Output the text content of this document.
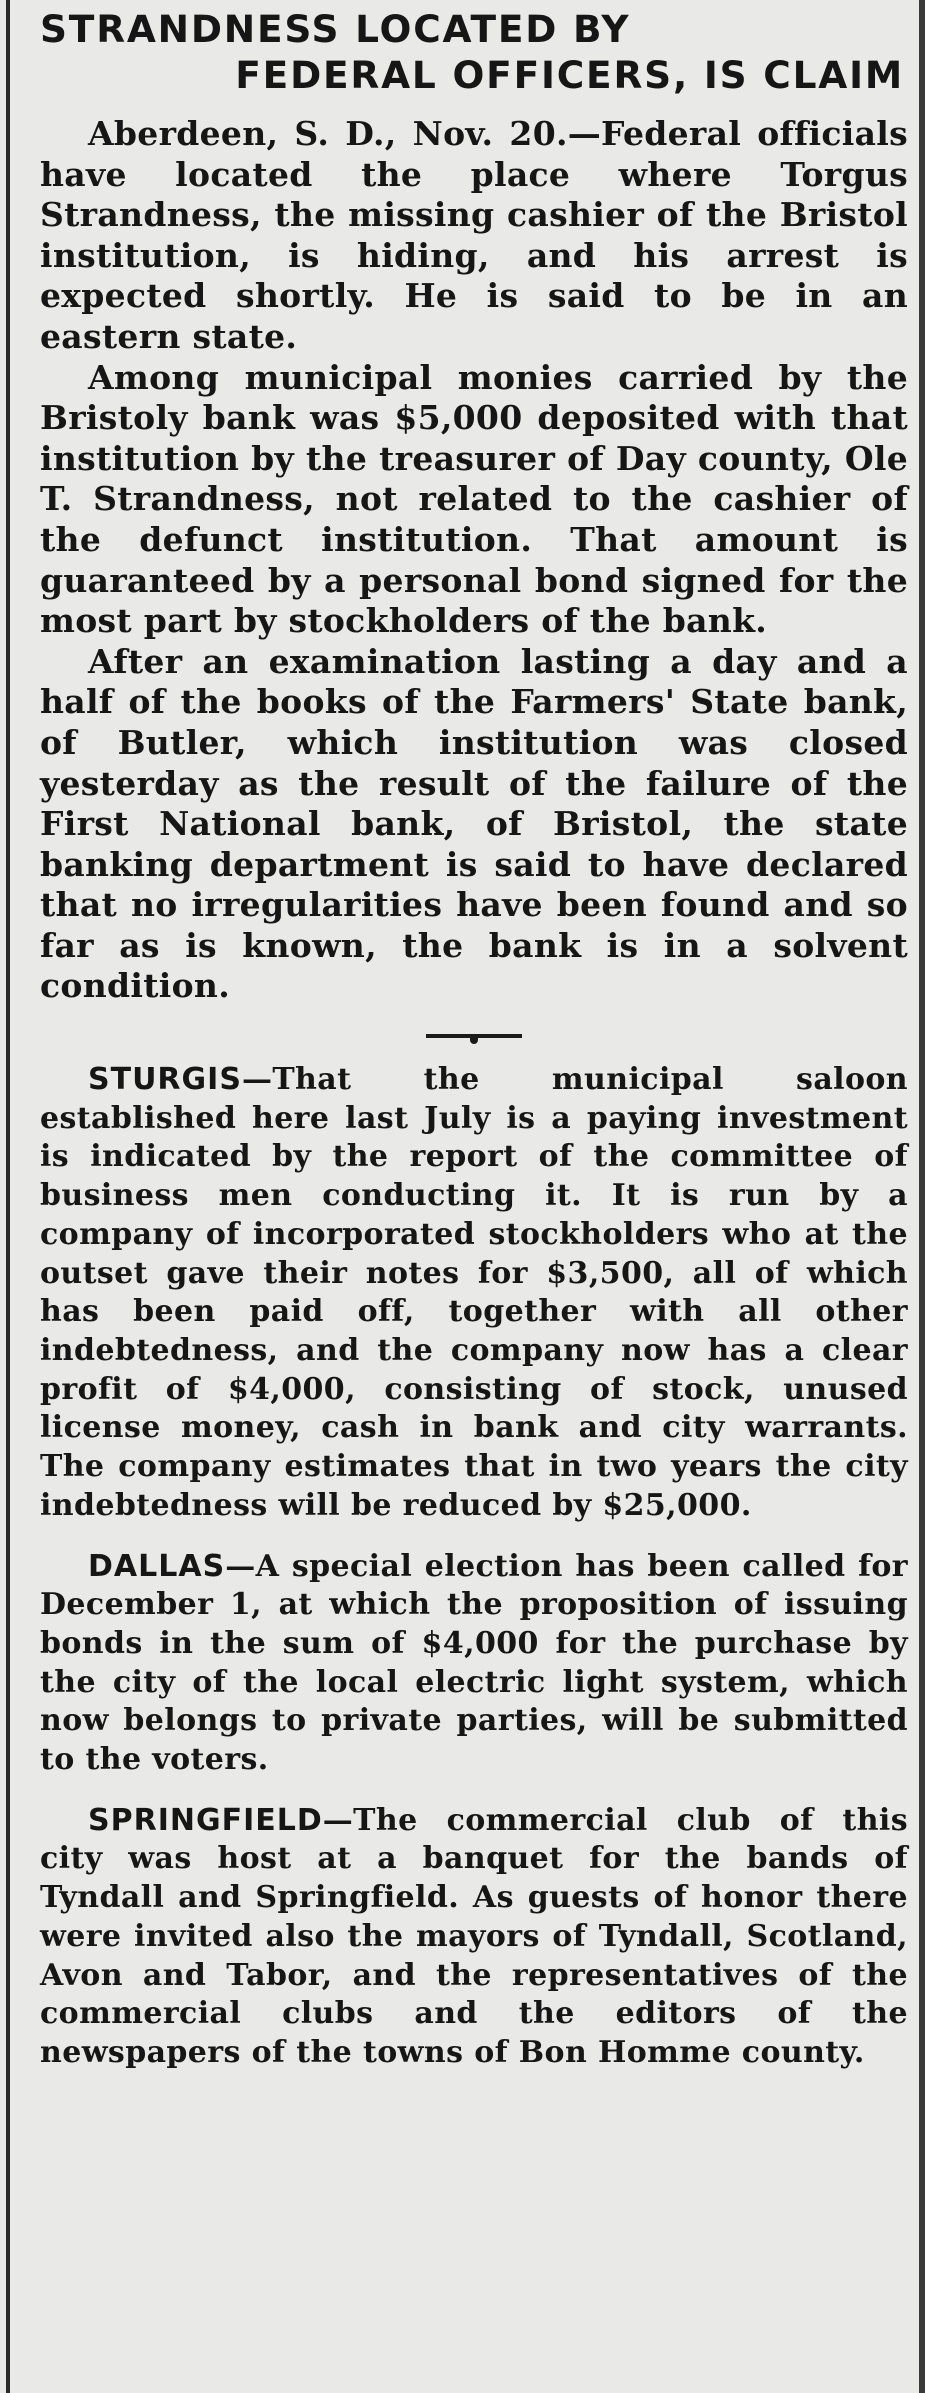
STRANDNESS LOCATED BY
FEDERAL OFFICERS, IS CLAIM
Aberdeen, S. D., Nov. 20.—Federal officials have located the place where Torgus Strandness, the missing cashier of the Bristol institution, is hiding, and his arrest is expected shortly. He is said to be in an eastern state.
Among municipal monies carried by the Bristoly bank was $5,000 deposited with that institution by the treasurer of Day county, Ole T. Strandness, not related to the cashier of the defunct institution. That amount is guaranteed by a personal bond signed for the most part by stockholders of the bank.
After an examination lasting a day and a half of the books of the Farmers' State bank, of Butler, which institution was closed yesterday as the result of the failure of the First National bank, of Bristol, the state banking department is said to have declared that no irregularities have been found and so far as is known, the bank is in a solvent condition.

STURGIS—That the municipal saloon established here last July is a paying investment is indicated by the report of the committee of business men conducting it. It is run by a company of incorporated stockholders who at the outset gave their notes for $3,500, all of which has been paid off, together with all other indebtedness, and the company now has a clear profit of $4,000, consisting of stock, unused license money, cash in bank and city warrants. The company estimates that in two years the city indebtedness will be reduced by $25,000.

DALLAS—A special election has been called for December 1, at which the proposition of issuing bonds in the sum of $4,000 for the purchase by the city of the local electric light system, which now belongs to private parties, will be submitted to the voters.

SPRINGFIELD—The commercial club of this city was host at a banquet for the bands of Tyndall and Springfield. As guests of honor there were invited also the mayors of Tyndall, Scotland, Avon and Tabor, and the representatives of the commercial clubs and the editors of the newspapers of the towns of Bon Homme county.
